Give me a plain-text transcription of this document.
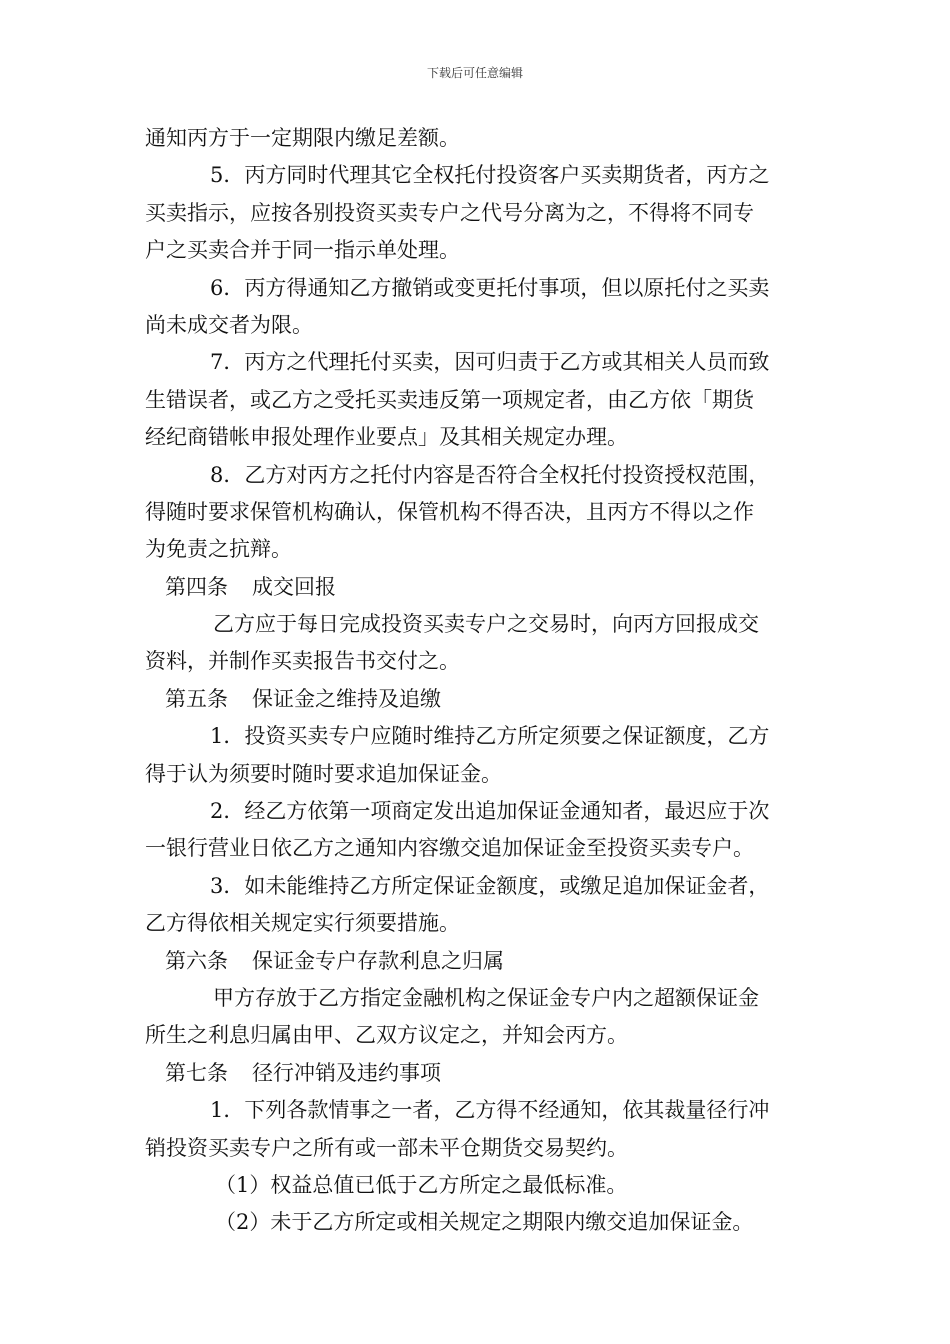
下载后可任意编辑
通知丙方于一定期限内缴足差额。
5．丙方同时代理其它全权托付投资客户买卖期货者，丙方之
买卖指示，应按各别投资买卖专户之代号分离为之，不得将不同专
户之买卖合并于同一指示单处理。
6．丙方得通知乙方撤销或变更托付事项，但以原托付之买卖
尚未成交者为限。
7．丙方之代理托付买卖，因可归责于乙方或其相关人员而致
生错误者，或乙方之受托买卖违反第一项规定者，由乙方依「期货
经纪商错帐申报处理作业要点」及其相关规定办理。
8．乙方对丙方之托付内容是否符合全权托付投资授权范围，
得随时要求保管机构确认，保管机构不得否决，且丙方不得以之作
为免责之抗辩。
第四条 成交回报
乙方应于每日完成投资买卖专户之交易时，向丙方回报成交
资料，并制作买卖报告书交付之。
第五条 保证金之维持及追缴
1．投资买卖专户应随时维持乙方所定须要之保证额度，乙方
得于认为须要时随时要求追加保证金。
2．经乙方依第一项商定发出追加保证金通知者，最迟应于次
一银行营业日依乙方之通知内容缴交追加保证金至投资买卖专户。
3．如未能维持乙方所定保证金额度，或缴足追加保证金者，
乙方得依相关规定实行须要措施。
第六条 保证金专户存款利息之归属
甲方存放于乙方指定金融机构之保证金专户内之超额保证金
所生之利息归属由甲、乙双方议定之，并知会丙方。
第七条 径行冲销及违约事项
1．下列各款情事之一者，乙方得不经通知，依其裁量径行冲
销投资买卖专户之所有或一部未平仓期货交易契约。
（1）权益总值已低于乙方所定之最低标准。
（2）未于乙方所定或相关规定之期限内缴交追加保证金。
